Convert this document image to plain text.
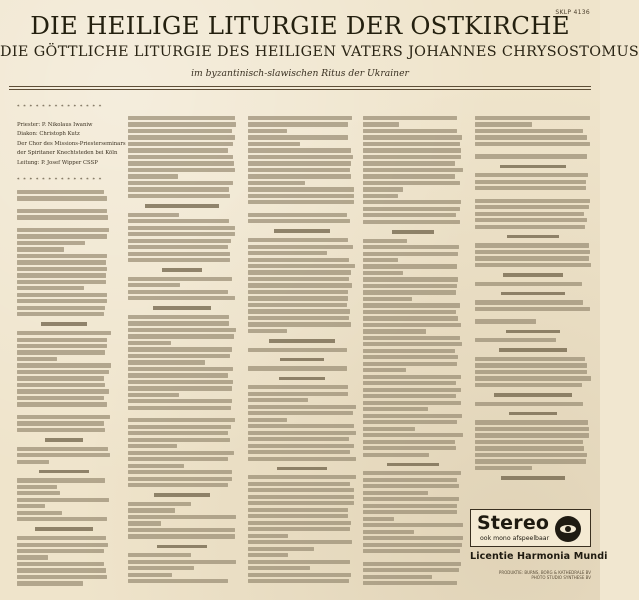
SKLP 4136
DIE HEILIGE LITURGIE DER OSTKIRCHE
DIE GÖTTLICHE LITURGIE DES HEILIGEN VATERS JOHANNES CHRYSOSTOMUS
im byzantinisch-slawischen Ritus der Ukrainer
* * * * * * * * * * * * * *
Priester: P. Nikolaus Iwaniw
Diakon: Christoph Kutz
Der Chor des Missions-Priesterseminars
der Spiritaner Knechtsteden bei Köln
Leitung: P. Josef Wipper CSSP
* * * * * * * * * * * * * *
Stereo
ook mono afspeelbaar
Licentie Harmonia Mundi
PRODUKTIE: BURNS, BORG & KATHEDRALE BV
PHOTO STUDIO SYNTHESE BV
